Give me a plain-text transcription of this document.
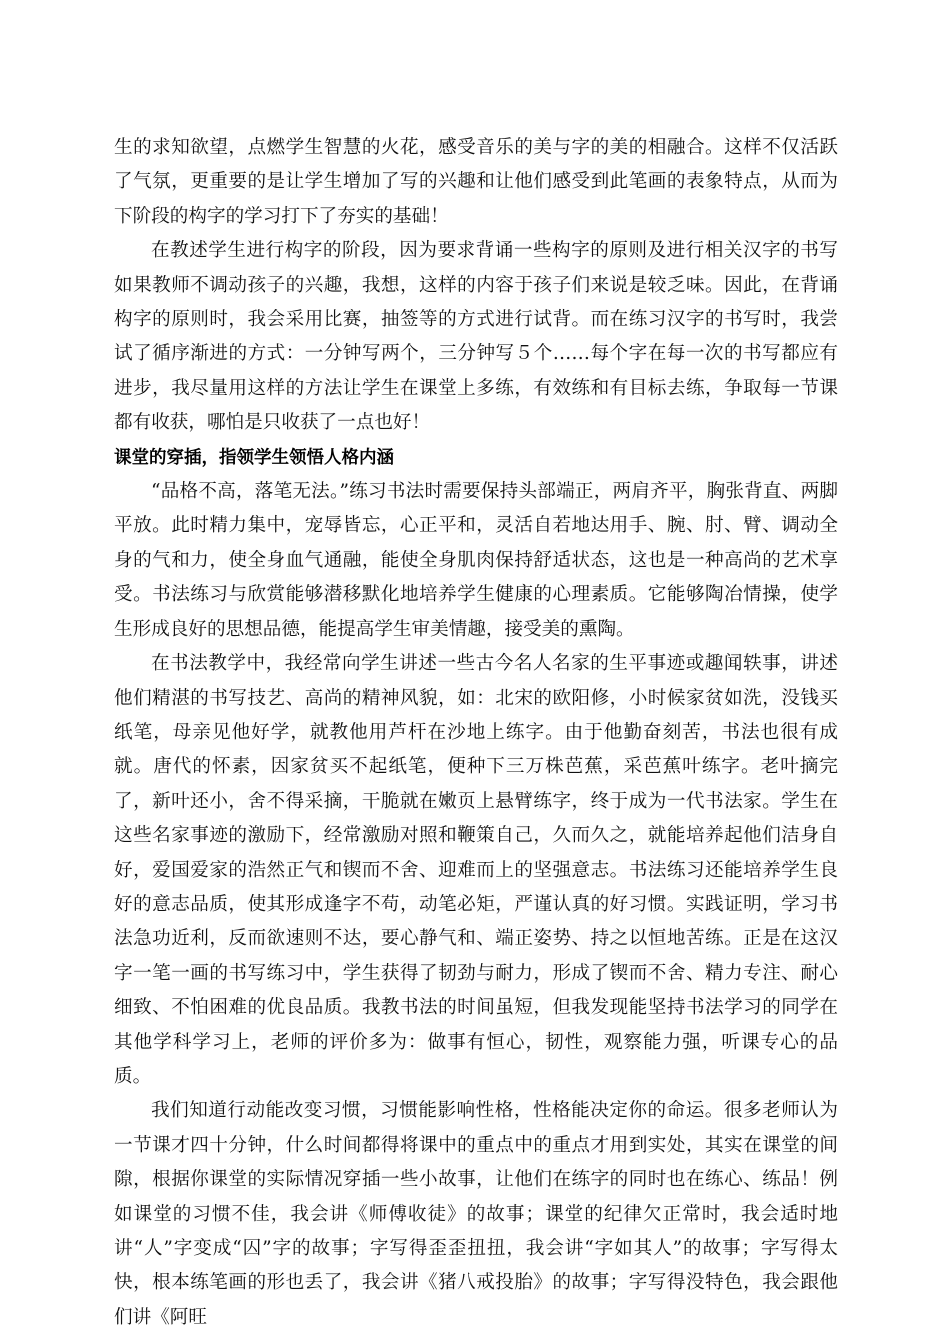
生的求知欲望，点燃学生智慧的火花，感受音乐的美与字的美的相融合。这样不仅活跃了气氛，更重要的是让学生增加了写的兴趣和让他们感受到此笔画的表象特点，从而为下阶段的构字的学习打下了夯实的基础！

在教述学生进行构字的阶段，因为要求背诵一些构字的原则及进行相关汉字的书写如果教师不调动孩子的兴趣，我想，这样的内容于孩子们来说是较乏味。因此，在背诵构字的原则时，我会采用比赛，抽签等的方式进行试背。而在练习汉字的书写时，我尝试了循序渐进的方式：一分钟写两个，三分钟写５个……每个字在每一次的书写都应有进步，我尽量用这样的方法让学生在课堂上多练，有效练和有目标去练，争取每一节课都有收获，哪怕是只收获了一点也好！

课堂的穿插，指领学生领悟人格内涵

“品格不高，落笔无法。”练习书法时需要保持头部端正，两肩齐平，胸张背直、两脚平放。此时精力集中，宠辱皆忘，心正平和，灵活自若地达用手、腕、肘、臂、调动全身的气和力，使全身血气通融，能使全身肌肉保持舒适状态，这也是一种高尚的艺术享受。书法练习与欣赏能够潜移默化地培养学生健康的心理素质。它能够陶冶情操，使学生形成良好的思想品德，能提高学生审美情趣，接受美的熏陶。

在书法教学中，我经常向学生讲述一些古今名人名家的生平事迹或趣闻轶事，讲述他们精湛的书写技艺、高尚的精神风貌，如：北宋的欧阳修，小时候家贫如洗，没钱买纸笔，母亲见他好学，就教他用芦杆在沙地上练字。由于他勤奋刻苦，书法也很有成就。唐代的怀素，因家贫买不起纸笔，便种下三万株芭蕉，采芭蕉叶练字。老叶摘完了，新叶还小，舍不得采摘，干脆就在嫩页上悬臂练字，终于成为一代书法家。学生在这些名家事迹的激励下，经常激励对照和鞭策自己，久而久之，就能培养起他们洁身自好，爱国爱家的浩然正气和锲而不舍、迎难而上的坚强意志。书法练习还能培养学生良好的意志品质，使其形成逢字不苟，动笔必矩，严谨认真的好习惯。实践证明，学习书法急功近利，反而欲速则不达，要心静气和、端正姿势、持之以恒地苦练。正是在这汉字一笔一画的书写练习中，学生获得了韧劲与耐力，形成了锲而不舍、精力专注、耐心细致、不怕困难的优良品质。我教书法的时间虽短，但我发现能坚持书法学习的同学在其他学科学习上，老师的评价多为：做事有恒心，韧性，观察能力强，听课专心的品质。

我们知道行动能改变习惯，习惯能影响性格，性格能决定你的命运。很多老师认为一节课才四十分钟，什么时间都得将课中的重点中的重点才用到实处，其实在课堂的间隙，根据你课堂的实际情况穿插一些小故事，让他们在练字的同时也在练心、练品！例如课堂的习惯不佳，我会讲《师傅收徒》的故事；课堂的纪律欠正常时，我会适时地讲“人”字变成“囚”字的故事；字写得歪歪扭扭，我会讲“字如其人”的故事；字写得太快，根本练笔画的形也丢了，我会讲《猪八戒投胎》的故事；字写得没特色，我会跟他们讲《阿旺
